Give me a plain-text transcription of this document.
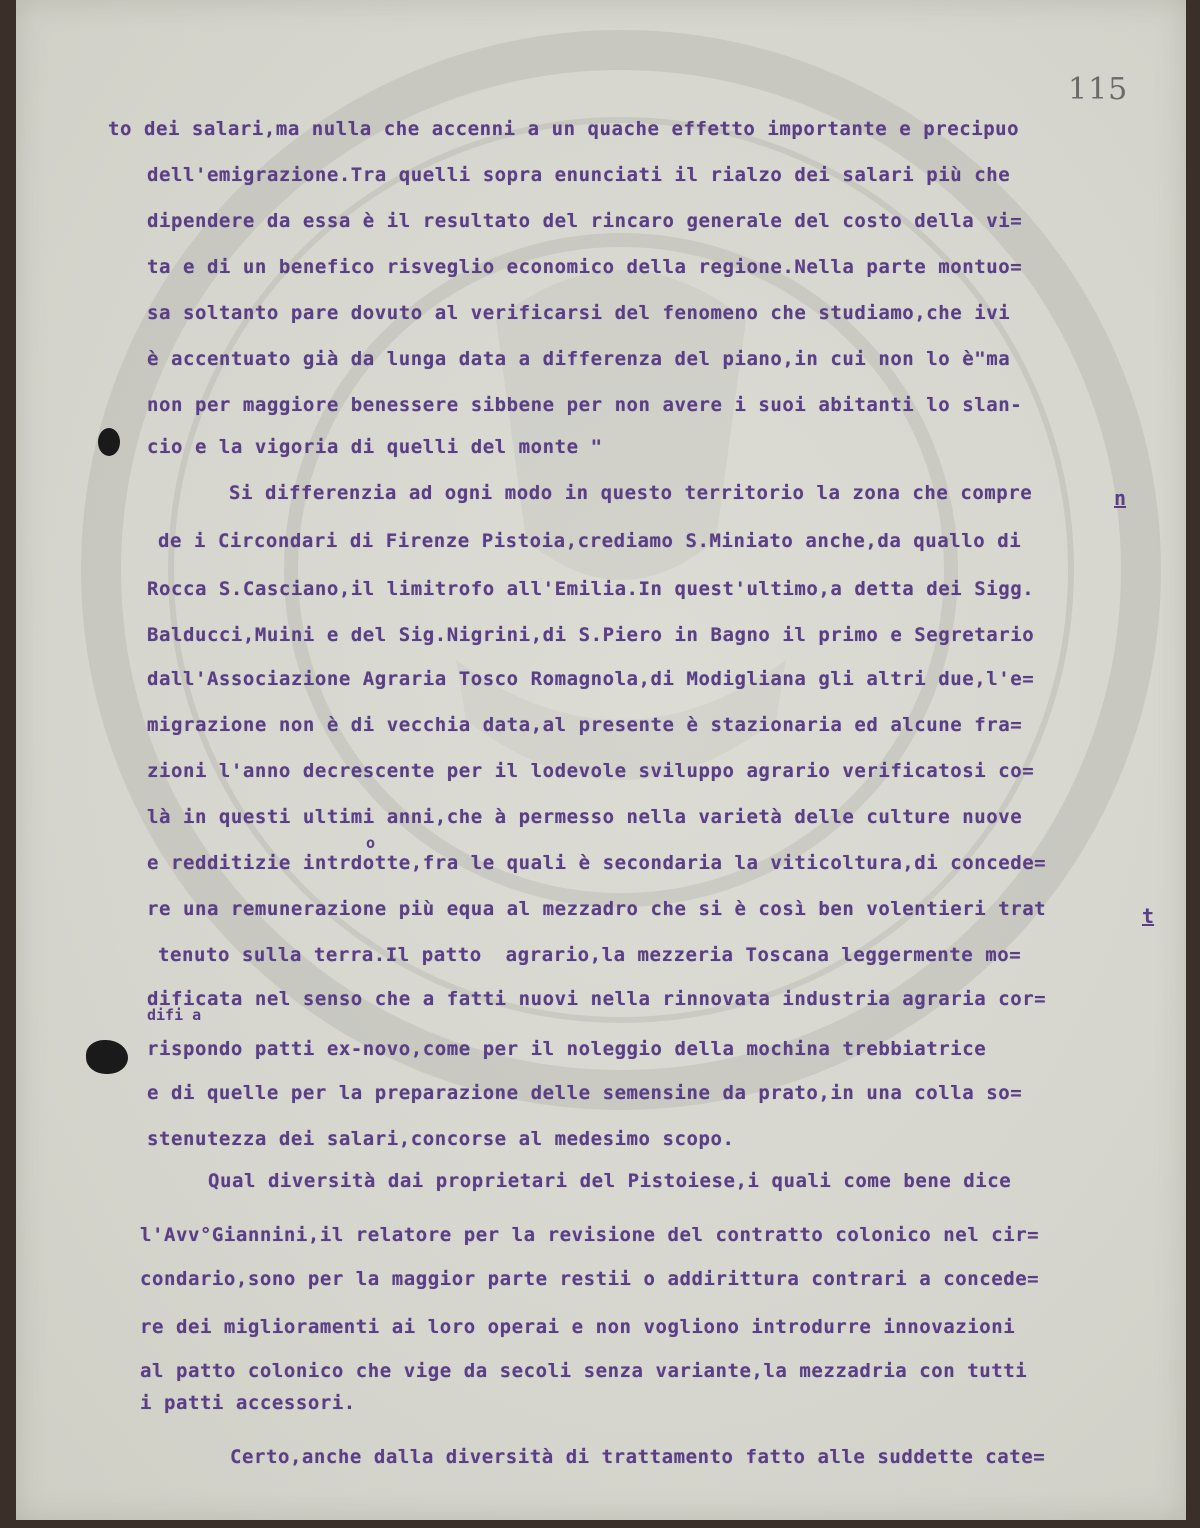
115
to dei salari,ma nulla che accenni a un quache effetto importante e precipuo
dell'emigrazione.Tra quelli sopra enunciati il rialzo dei salari più che
dipendere da essa è il resultato del rincaro generale del costo della vi=
ta e di un benefico risveglio economico della regione.Nella parte montuo=
sa soltanto pare dovuto al verificarsi del fenomeno che studiamo,che ivi
è accentuato già da lunga data a differenza del piano,in cui non lo è"ma
non per maggiore benessere sibbene per non avere i suoi abitanti lo slan-
cio e la vigoria di quelli del monte "
Si differenzia ad ogni modo in questo territorio la zona che compre	n
de i Circondari di Firenze Pistoia,crediamo S.Miniato anche,da quallo di
Rocca S.Casciano,il limitrofo all'Emilia.In quest'ultimo,a detta dei Sigg.
Balducci,Muini e del Sig.Nigrini,di S.Piero in Bagno il primo e Segretario
dall'Associazione Agraria Tosco Romagnola,di Modigliana gli altri due,l'e=
migrazione non è di vecchia data,al presente è stazionaria ed alcune fra=
zioni l'anno decrescente per il lodevole sviluppo agrario verificatosi co=
là in questi ultimi anni,che à permesso nella varietà delle culture nuove
o
e redditizie intrdotte,fra le quali è secondaria la viticoltura,di concede=
re una remunerazione più equa al mezzadro che si è così ben volentieri trat	t
tenuto sulla terra.Il patto  agrario,la mezzeria Toscana leggermente mo=
dificata nel senso che a fatti nuovi nella rinnovata industria agraria cor=
difi a
rispondo patti ex-novo,come per il noleggio della mochina trebbiatrice
e di quelle per la preparazione delle semensine da prato,in una colla so=
stenutezza dei salari,concorse al medesimo scopo.
Qual diversità dai proprietari del Pistoiese,i quali come bene dice
l'Avv°Giannini,il relatore per la revisione del contratto colonico nel cir=
condario,sono per la maggior parte restii o addirittura contrari a concede=
re dei miglioramenti ai loro operai e non vogliono introdurre innovazioni
al patto colonico che vige da secoli senza variante,la mezzadria con tutti
i patti accessori.
Certo,anche dalla diversità di trattamento fatto alle suddette cate=
